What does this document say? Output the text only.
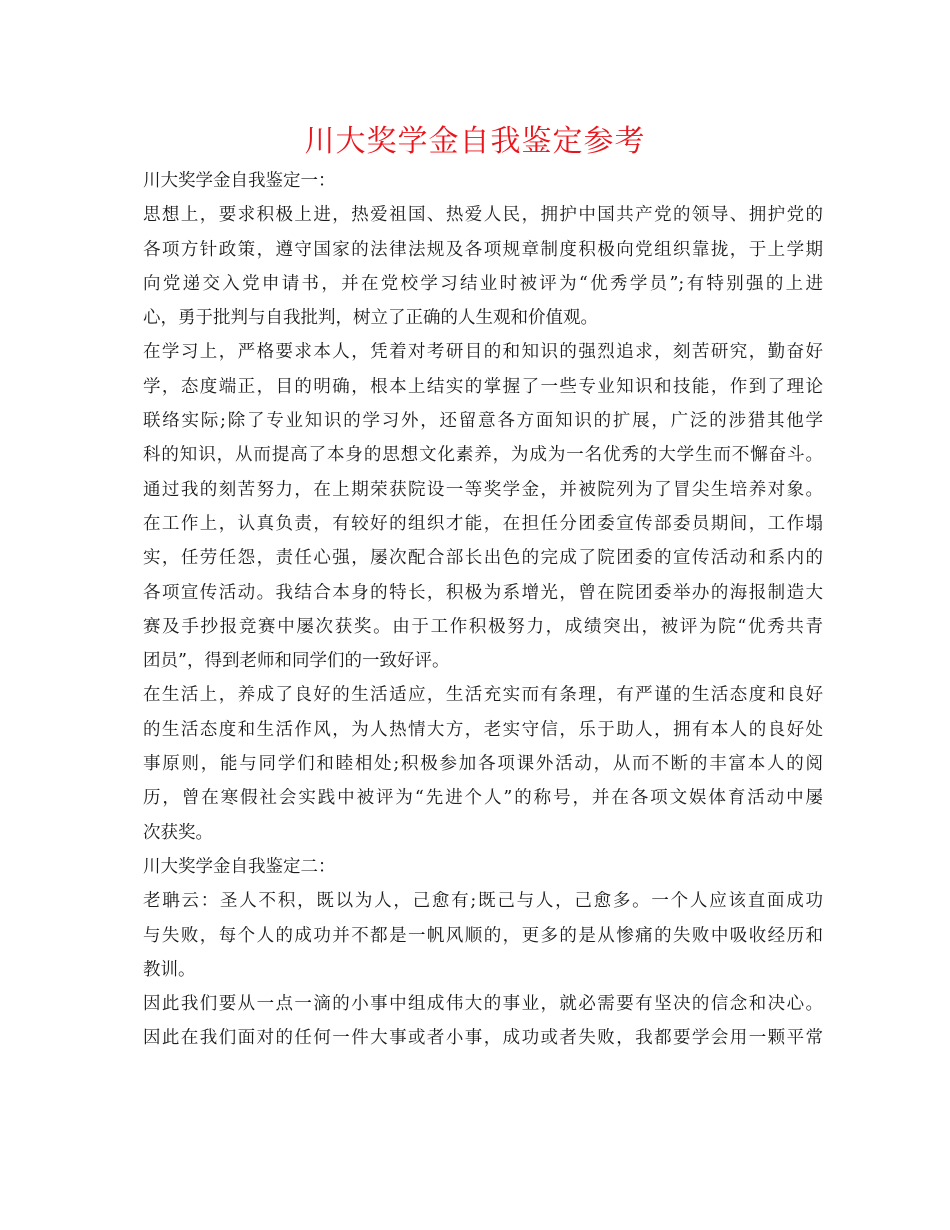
川大奖学金自我鉴定参考
川大奖学金自我鉴定一：
思想上，要求积极上进，热爱祖国、热爱人民，拥护中国共产党的领导、拥护党的
各项方针政策，遵守国家的法律法规及各项规章制度积极向党组织靠拢，于上学期
向党递交入党申请书，并在党校学习结业时被评为“优秀学员”;有特别强的上进
心，勇于批判与自我批判，树立了正确的人生观和价值观。
在学习上，严格要求本人，凭着对考研目的和知识的强烈追求，刻苦研究，勤奋好
学，态度端正，目的明确，根本上结实的掌握了一些专业知识和技能，作到了理论
联络实际;除了专业知识的学习外，还留意各方面知识的扩展，广泛的涉猎其他学
科的知识，从而提高了本身的思想文化素养，为成为一名优秀的大学生而不懈奋斗。
通过我的刻苦努力，在上期荣获院设一等奖学金，并被院列为了冒尖生培养对象。
在工作上，认真负责，有较好的组织才能，在担任分团委宣传部委员期间，工作塌
实，任劳任怨，责任心强，屡次配合部长出色的完成了院团委的宣传活动和系内的
各项宣传活动。我结合本身的特长，积极为系增光，曾在院团委举办的海报制造大
赛及手抄报竞赛中屡次获奖。由于工作积极努力，成绩突出，被评为院“优秀共青
团员”，得到老师和同学们的一致好评。
在生活上，养成了良好的生活适应，生活充实而有条理，有严谨的生活态度和良好
的生活态度和生活作风，为人热情大方，老实守信，乐于助人，拥有本人的良好处
事原则，能与同学们和睦相处;积极参加各项课外活动，从而不断的丰富本人的阅
历，曾在寒假社会实践中被评为“先进个人”的称号，并在各项文娱体育活动中屡
次获奖。
川大奖学金自我鉴定二：
老聃云：圣人不积，既以为人，己愈有;既己与人，己愈多。一个人应该直面成功
与失败，每个人的成功并不都是一帆风顺的，更多的是从惨痛的失败中吸收经历和
教训。
因此我们要从一点一滴的小事中组成伟大的事业，就必需要有坚决的信念和决心。
因此在我们面对的任何一件大事或者小事，成功或者失败，我都要学会用一颗平常
